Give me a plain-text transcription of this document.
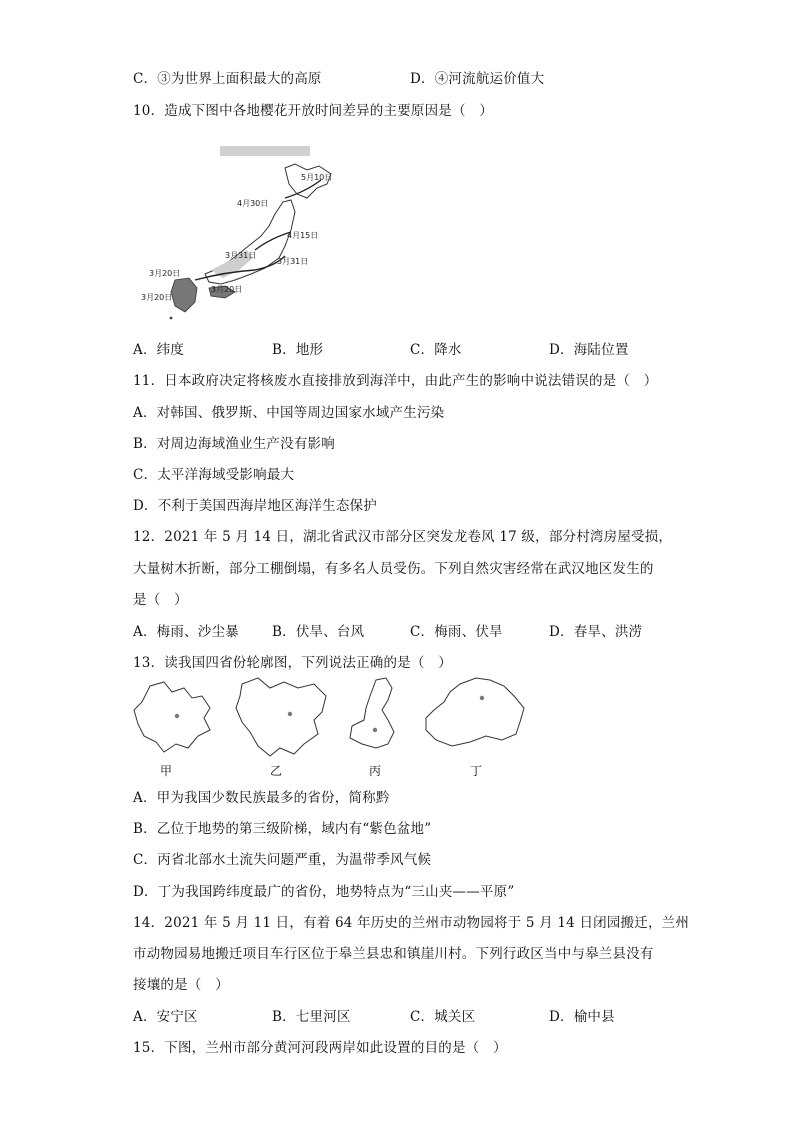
C．③为世界上面积最大的高原	D．④河流航运价值大
10．造成下图中各地樱花开放时间差异的主要原因是（　）
5月10日
4月30日
4月15日
3月31日
3月31日
3月20日
3月20日
3月20日
A．纬度	B．地形	C．降水	D．海陆位置
11．日本政府决定将核废水直接排放到海洋中，由此产生的影响中说法错误的是（　）
A．对韩国、俄罗斯、中国等周边国家水域产生污染
B．对周边海域渔业生产没有影响
C．太平洋海域受影响最大
D．不利于美国西海岸地区海洋生态保护
12．2021 年 5 月 14 日，湖北省武汉市部分区突发龙卷风 17 级，部分村湾房屋受损，
大量树木折断，部分工棚倒塌，有多名人员受伤。下列自然灾害经常在武汉地区发生的
是（　）
A．梅雨、沙尘暴 B．伏旱、台风	C．梅雨、伏旱	D．春旱、洪涝
13．读我国四省份轮廓图，下列说法正确的是（　）
甲	乙	丙	丁
A．甲为我国少数民族最多的省份，简称黔
B．乙位于地势的第三级阶梯，域内有“紫色盆地”
C．丙省北部水土流失问题严重，为温带季风气候
D．丁为我国跨纬度最广的省份，地势特点为“三山夹——平原”
14．2021 年 5 月 11 日，有着 64 年历史的兰州市动物园将于 5 月 14 日闭园搬迁，兰州
市动物园易地搬迁项目车行区位于皋兰县忠和镇崖川村。下列行政区当中与皋兰县没有
接壤的是（　）
A．安宁区	B．七里河区	C．城关区	D．榆中县
15．下图，兰州市部分黄河河段两岸如此设置的目的是（　）
